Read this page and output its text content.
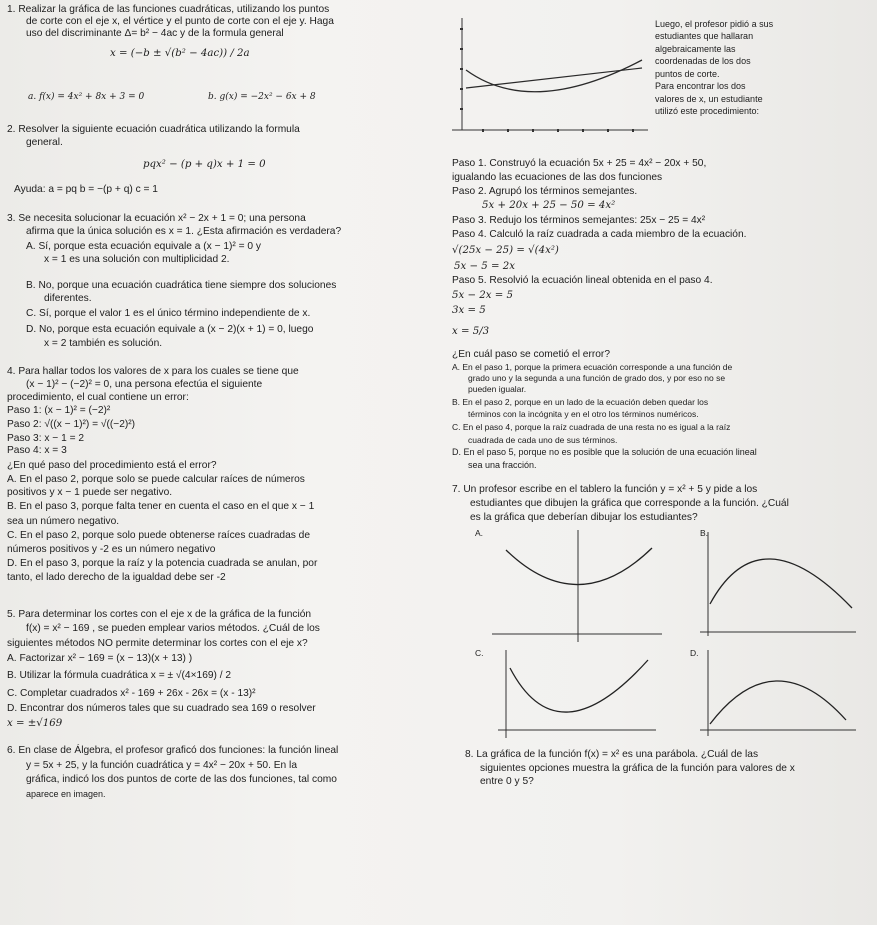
1. Realizar la gráfica de las funciones cuadráticas, utilizando los puntos
de corte con el eje x, el vértice y el punto de corte con el eje y. Haga
uso del discriminante Δ= b² − 4ac y de la formula general
x = (−b ± √(b² − 4ac)) / 2a
a. f(x) = 4x² + 8x + 3 = 0	b. g(x) = −2x² − 6x + 8
2. Resolver la siguiente ecuación cuadrática utilizando la formula
general.
pqx² − (p + q)x + 1 = 0
Ayuda: a = pq b = −(p + q) c = 1
3. Se necesita solucionar la ecuación x² − 2x + 1 = 0; una persona
afirma que la única solución es x = 1. ¿Esta afirmación es verdadera?
A. Sí, porque esta ecuación equivale a (x − 1)² = 0 y
x = 1 es una solución con multiplicidad 2.
B. No, porque una ecuación cuadrática tiene siempre dos soluciones
diferentes.
C. Sí, porque el valor 1 es el único término independiente de x.
D. No, porque esta ecuación equivale a (x − 2)(x + 1) = 0, luego
x = 2 también es solución.
4. Para hallar todos los valores de x para los cuales se tiene que
(x − 1)² − (−2)² = 0, una persona efectúa el siguiente
procedimiento, el cual contiene un error:
Paso 1: (x − 1)² = (−2)²
Paso 2: √((x − 1)²) = √((−2)²)
Paso 3: x − 1 = 2
Paso 4: x = 3
¿En qué paso del procedimiento está el error?
A. En el paso 2, porque solo se puede calcular raíces de números
positivos y x − 1 puede ser negativo.
B. En el paso 3, porque falta tener en cuenta el caso en el que x − 1
sea un número negativo.
C. En el paso 2, porque solo puede obtenerse raíces cuadradas de
números positivos y -2 es un número negativo
D. En el paso 3, porque la raíz y la potencia cuadrada se anulan, por
tanto, el lado derecho de la igualdad debe ser -2
5. Para determinar los cortes con el eje x de la gráfica de la función
f(x) = x² − 169 , se pueden emplear varios métodos. ¿Cuál de los
siguientes métodos NO permite determinar los cortes con el eje x?
A. Factorizar x² − 169 = (x − 13)(x + 13) )
B. Utilizar la fórmula cuadrática x = ± √(4×169) / 2
C. Completar cuadrados x² - 169 + 26x - 26x = (x - 13)²
D. Encontrar dos números tales que su cuadrado sea 169 o resolver
x = ±√169
6. En clase de Álgebra, el profesor graficó dos funciones: la función lineal
y = 5x + 25, y la función cuadrática y = 4x² − 20x + 50. En la
gráfica, indicó los dos puntos de corte de las dos funciones, tal como
aparece en imagen.
Luego, el profesor pidió a sus
estudiantes que hallaran
algebraicamente las
coordenadas de los dos
puntos de corte.
Para encontrar los dos
valores de x, un estudiante
utilizó este procedimiento:
Paso 1. Construyó la ecuación 5x + 25 = 4x² − 20x + 50,
igualando las ecuaciones de las dos funciones
Paso 2. Agrupó los términos semejantes.
5x + 20x + 25 − 50 = 4x²
Paso 3. Redujo los términos semejantes: 25x − 25 = 4x²
Paso 4. Calculó la raíz cuadrada a cada miembro de la ecuación.
√(25x − 25) = √(4x²)
5x − 5 = 2x
Paso 5. Resolvió la ecuación lineal obtenida en el paso 4.
5x − 2x = 5
3x = 5
x = 5/3
¿En cuál paso se cometió el error?
A. En el paso 1, porque la primera ecuación corresponde a una función de
grado uno y la segunda a una función de grado dos, y por eso no se
pueden igualar.
B. En el paso 2, porque en un lado de la ecuación deben quedar los
términos con la incógnita y en el otro los términos numéricos.
C. En el paso 4, porque la raíz cuadrada de una resta no es igual a la raíz
cuadrada de cada uno de sus términos.
D. En el paso 5, porque no es posible que la solución de una ecuación lineal
sea una fracción.
7. Un profesor escribe en el tablero la función y = x² + 5 y pide a los
estudiantes que dibujen la gráfica que corresponde a la función. ¿Cuál
es la gráfica que deberían dibujar los estudiantes?
A.	B.
C.	D.
8. La gráfica de la función f(x) = x² es una parábola. ¿Cuál de las
siguientes opciones muestra la gráfica de la función para valores de x
entre 0 y 5?
